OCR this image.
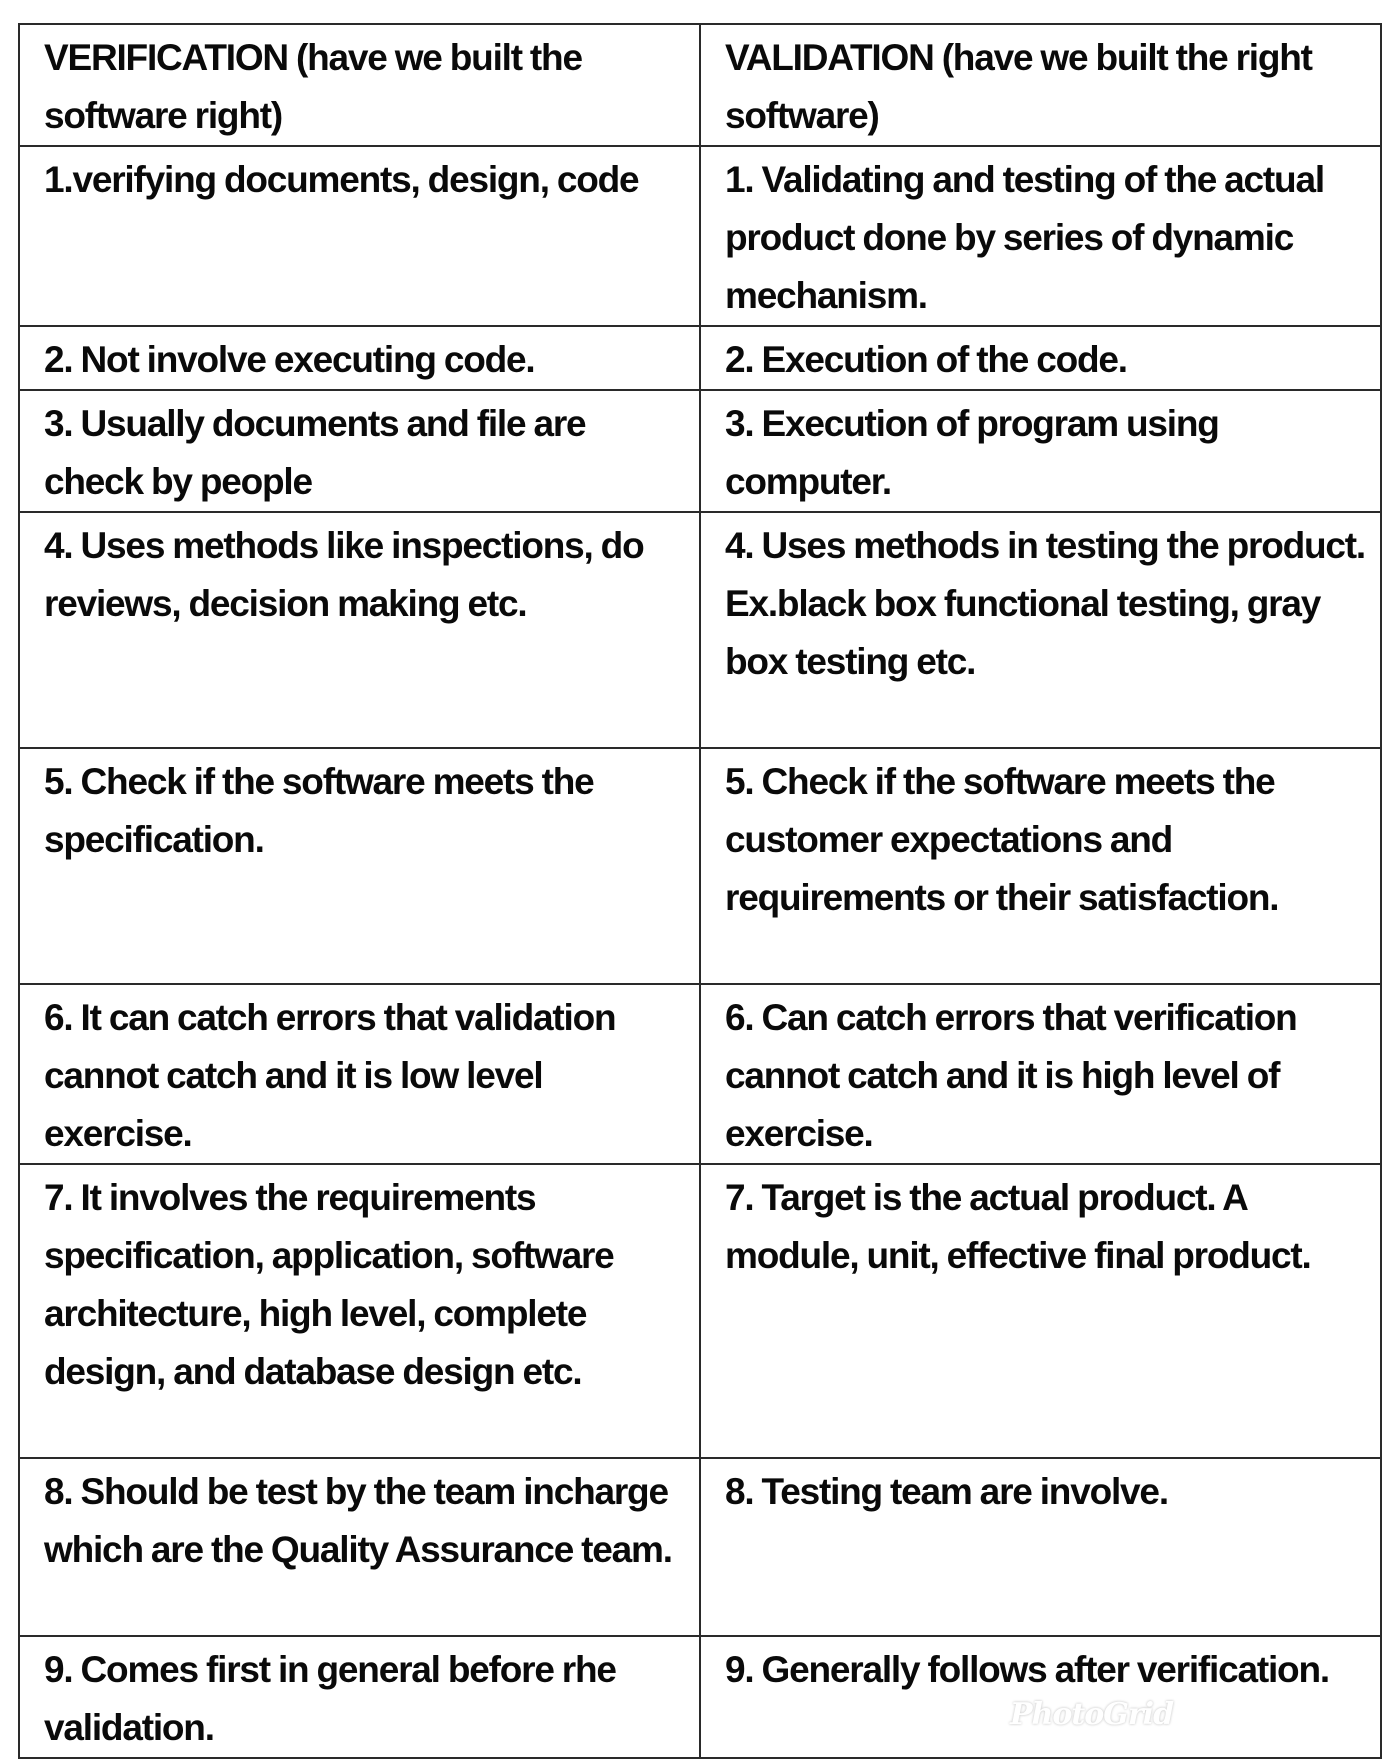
VERIFICATION (have we built the software right)	VALIDATION (have we built the right software)
1.verifying documents, design, code	1. Validating and testing of the actual product done by series of dynamic mechanism.
2. Not involve executing code.	2. Execution of the code.
3. Usually documents and file are check by people	3. Execution of program using computer.
4. Uses methods like inspections, do reviews, decision making etc.	4. Uses methods in testing the product. Ex.black box functional testing, gray box testing etc.
5. Check if the software meets the specification.	5. Check if the software meets the customer expectations and requirements or their satisfaction.
6. It can catch errors that validation cannot catch and it is low level exercise.	6. Can catch errors that verification cannot catch and it is high level of exercise.
7. It involves the requirements specification, application, software architecture, high level, complete design, and database design etc.	7. Target is the actual product. A module, unit, effective final product.
8. Should be test by the team incharge which are the Quality Assurance team.	8. Testing team are involve.
9. Comes first in general before rhe validation.	9. Generally follows after verification.
PhotoGrid
